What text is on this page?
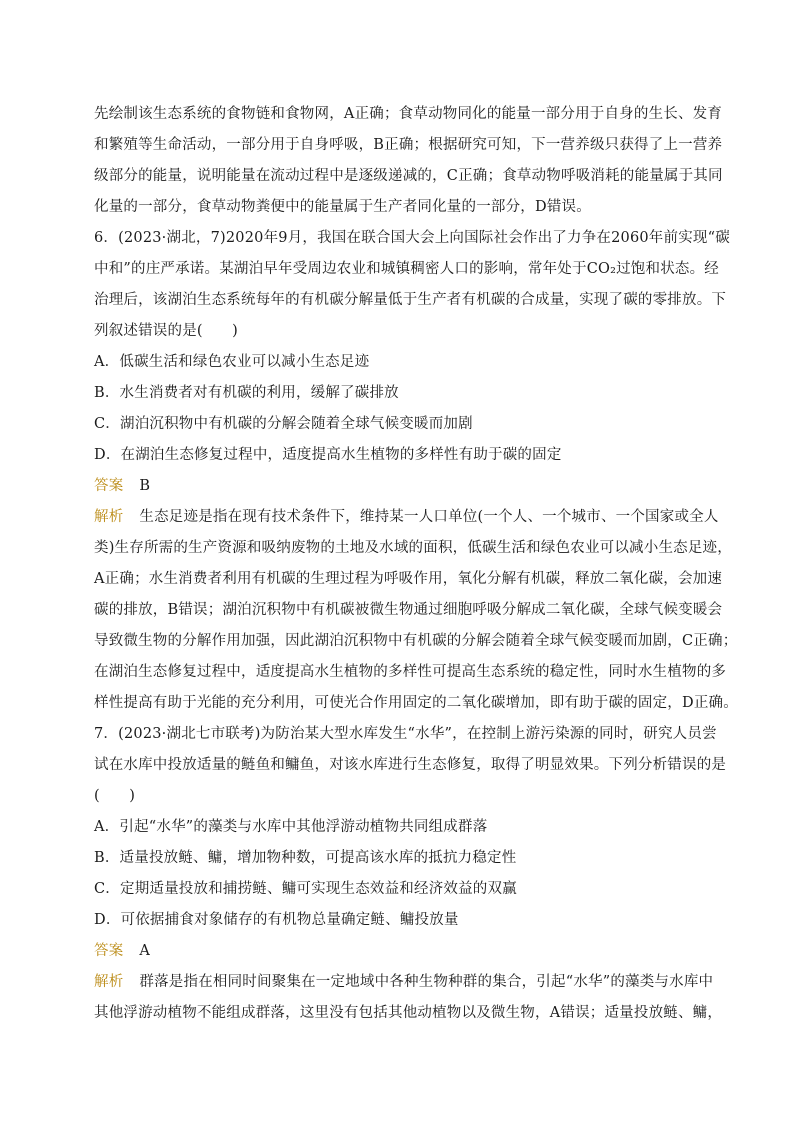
先绘制该生态系统的食物链和食物网，A正确；食草动物同化的能量一部分用于自身的生长、发育
和繁殖等生命活动，一部分用于自身呼吸，B正确；根据研究可知，下一营养级只获得了上一营养
级部分的能量，说明能量在流动过程中是逐级递减的，C正确；食草动物呼吸消耗的能量属于其同
化量的一部分，食草动物粪便中的能量属于生产者同化量的一部分，D错误。
6．(2023·湖北，7)2020年9月，我国在联合国大会上向国际社会作出了力争在2060年前实现“碳
中和”的庄严承诺。某湖泊早年受周边农业和城镇稠密人口的影响，常年处于CO₂过饱和状态。经
治理后，该湖泊生态系统每年的有机碳分解量低于生产者有机碳的合成量，实现了碳的零排放。下
列叙述错误的是(　　)
A．低碳生活和绿色农业可以减小生态足迹
B．水生消费者对有机碳的利用，缓解了碳排放
C．湖泊沉积物中有机碳的分解会随着全球气候变暖而加剧
D．在湖泊生态修复过程中，适度提高水生植物的多样性有助于碳的固定
答案 B
解析 生态足迹是指在现有技术条件下，维持某一人口单位(一个人、一个城市、一个国家或全人
类)生存所需的生产资源和吸纳废物的土地及水域的面积，低碳生活和绿色农业可以减小生态足迹，
A正确；水生消费者利用有机碳的生理过程为呼吸作用，氧化分解有机碳，释放二氧化碳，会加速
碳的排放，B错误；湖泊沉积物中有机碳被微生物通过细胞呼吸分解成二氧化碳，全球气候变暖会
导致微生物的分解作用加强，因此湖泊沉积物中有机碳的分解会随着全球气候变暖而加剧，C正确；
在湖泊生态修复过程中，适度提高水生植物的多样性可提高生态系统的稳定性，同时水生植物的多
样性提高有助于光能的充分利用，可使光合作用固定的二氧化碳增加，即有助于碳的固定，D正确。
7．(2023·湖北七市联考)为防治某大型水库发生“水华”，在控制上游污染源的同时，研究人员尝
试在水库中投放适量的鲢鱼和鳙鱼，对该水库进行生态修复，取得了明显效果。下列分析错误的是
(　　)
A．引起“水华”的藻类与水库中其他浮游动植物共同组成群落
B．适量投放鲢、鳙，增加物种数，可提高该水库的抵抗力稳定性
C．定期适量投放和捕捞鲢、鳙可实现生态效益和经济效益的双赢
D．可依据捕食对象储存的有机物总量确定鲢、鳙投放量
答案 A
解析 群落是指在相同时间聚集在一定地域中各种生物种群的集合，引起“水华”的藻类与水库中
其他浮游动植物不能组成群落，这里没有包括其他动植物以及微生物，A错误；适量投放鲢、鳙，
